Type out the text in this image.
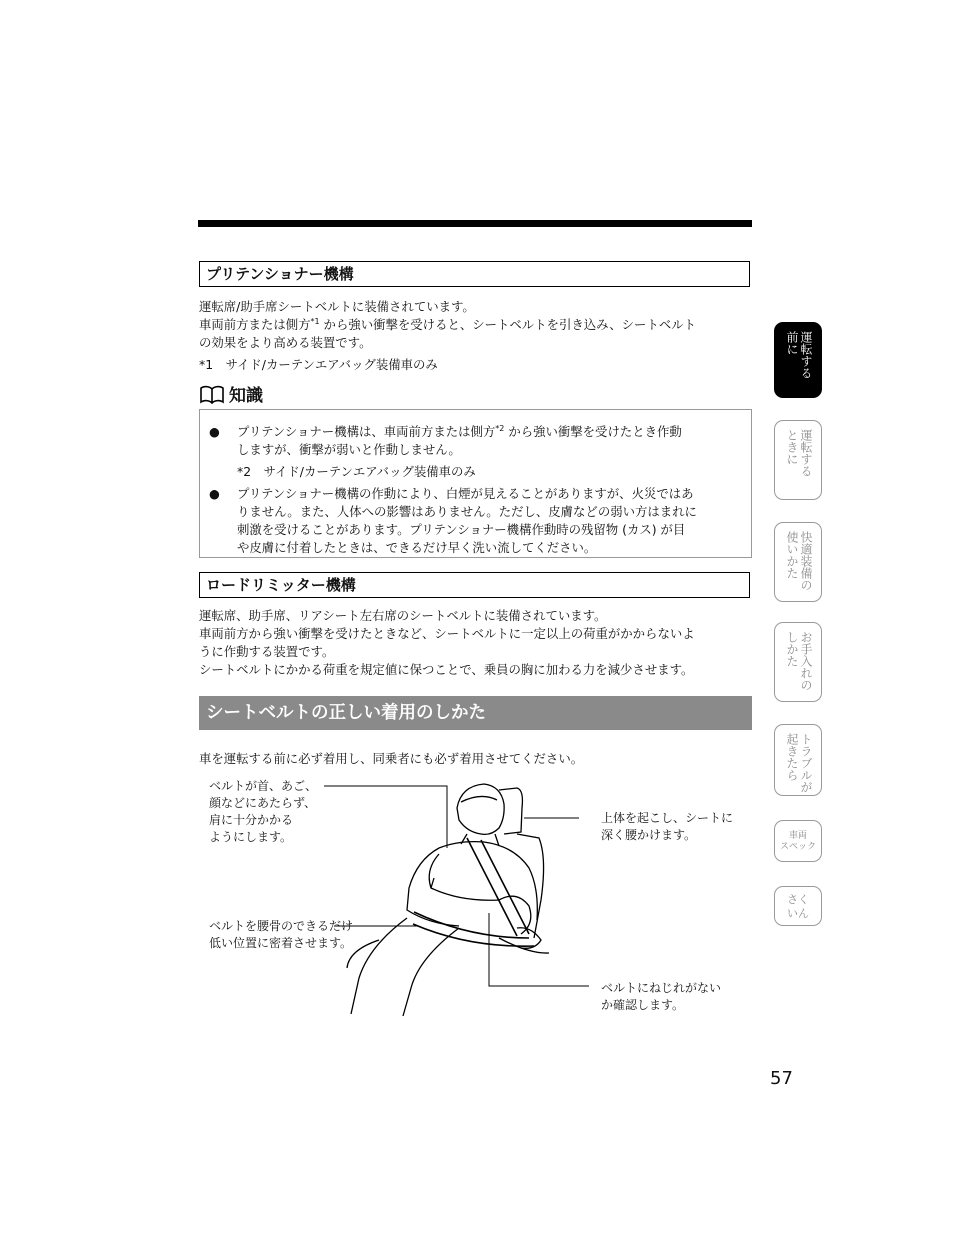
プリテンショナー機構

運転席/助手席シートベルトに装備されています。

車両前方または側方$^{*1}$ から強い衝撃を受けると、シートベルトを引き込み、シートベルト

の効果をより高める装置です。

*1　サイド/カーテンエアバッグ装備車のみ

知識
● プリテンショナー機構は、車両前方または側方$^{*2}$ から強い衝撃を受けたとき作動

しますが、衝撃が弱いと作動しません。

*2　サイド/カーテンエアバッグ装備車のみ

● プリテンショナー機構の作動により、白煙が見えることがありますが、火災ではあ

りません。また、人体への影響はありません。ただし、皮膚などの弱い方はまれに

刺激を受けることがあります。プリテンショナー機構作動時の残留物 (カス) が目

や皮膚に付着したときは、できるだけ早く洗い流してください。

ロードリミッター機構

運転席、助手席、リアシート左右席のシートベルトに装備されています。

車両前方から強い衝撃を受けたときなど、シートベルトに一定以上の荷重がかからないよ

うに作動する装置です。

シートベルトにかかる荷重を規定値に保つことで、乗員の胸に加わる力を減少させます。

シートベルトの正しい着用のしかた

車を運転する前に必ず着用し、同乗者にも必ず着用させてください。

ベルトが首、あご、

顔などにあたらず、

肩に十分かかる

ようにします。

上体を起こし、シートに

深く腰かけます。

ベルトを腰骨のできるだけ

低い位置に密着させます。

ベルトにねじれがない

か確認します。

運転する
前に
運転する
ときに
快適装備の
使いかた
お手入れの
しかた
トラブルが
起きたら
車両
スペック
さく
いん
57
